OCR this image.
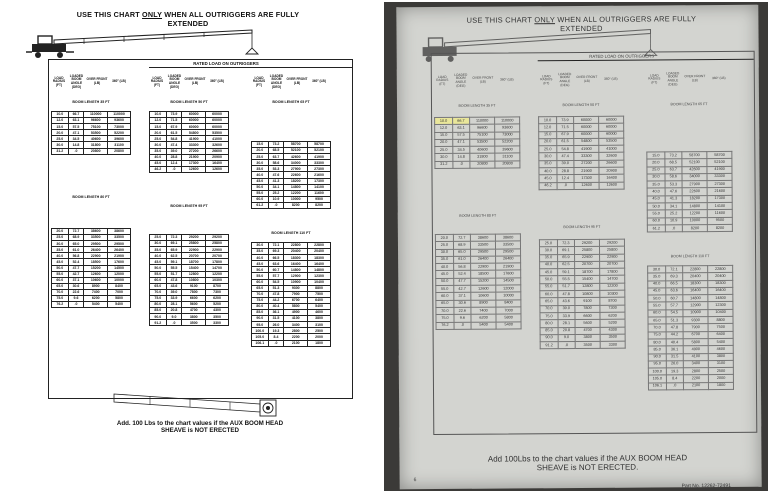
USE THIS CHART ONLY WHEN ALL OUTRIGGERS ARE FULLY EXTENDED
RATED LOAD ON OUTRIGGERS
LOAD RADIUS (FT)
LOADED BOOM ANGLE (DEG)
OVER FRONT (LB)	360° (LB)
LOAD RADIUS (FT)
LOADED BOOM ANGLE (DEG)
OVER FRONT (LB)	360° (LB)
LOAD RADIUS (FT)
LOADED BOOM ANGLE (DEG)
OVER FRONT (LB)	360° (LB)
BOOM LENGTH 35 FT	BOOM LENGTH 50 FT	BOOM LENGTH 65 FT
BOOM LENGTH 80 FT
BOOM LENGTH 95 FT
BOOM LENGTH 110 FT
10.0	66.7	110000	110000
12.0	63.1	96600	93600
15.0	57.5	75100	73000
20.0	47.1	53500	52200
25.0	34.5	40600	39600
30.0	14.8	31800	31100
31.2	.0	20800	20800
10.0	73.9	60000	60000
12.0	71.5	60000	60000
15.0	67.9	60000	60000
20.0	61.5	54800	53500
25.0	54.8	41900	41000
30.0	47.4	33300	32600
35.0	39.0	27200	26600
40.0	28.8	21900	20900
45.0	12.4	17300	16400
46.2	.0	12600	12600
15.0	73.2	58700	58700
20.0	68.5	52100	52100
25.0	63.7	42600	41900
30.0	58.6	34000	33300
35.0	53.3	27900	27300
40.0	47.6	22600	21600
45.0	41.3	18200	17300
50.0	34.1	14800	14100
55.0	25.2	12200	11600
60.0	10.9	10000	9500
61.2	.0	8200	8200
20.0	72.7	38600	38600
25.0	68.9	33500	33500
30.0	65.0	29500	29500
35.0	61.0	26400	26400
40.0	56.8	22900	21900
45.0	52.4	18500	17600
50.0	47.7	15200	14500
55.0	42.7	12600	12000
60.0	37.1	10600	10000
65.0	30.6	8900	8400
70.0	22.6	7400	7000
75.0	9.6	6200	5800
76.2	.0	5400	5400
25.0	72.3	29200	29200
30.0	69.1	25800	25800
35.0	65.9	22900	22900
40.0	62.5	20700	20700
45.0	59.1	18700	17800
50.0	55.5	15400	14700
55.0	51.7	12800	12200
60.0	47.8	10800	10300
65.0	43.6	9100	8700
70.0	39.0	7800	7300
75.0	33.9	6600	6200
80.0	28.1	5600	5200
85.0	20.8	4700	4300
90.0	9.0	3800	3500
91.2	.0	3500	3300
30.0	72.1	22800	22800
35.0	69.3	20400	20400
40.0	66.5	18300	18300
45.0	63.6	16400	16400
50.0	60.7	14800	14800
55.0	57.7	12900	12300
60.0	54.5	10900	10400
65.0	51.3	9300	8800
70.0	47.8	7900	7500
75.0	44.2	6700	6400
80.0	40.4	5800	5400
85.0	36.1	4900	4600
90.0	31.5	4100	3800
95.0	26.0	3400	3100
100.0	19.3	2800	2500
105.0	8.4	2200	2000
106.1	.0	2100	1800
Add. 100 Lbs to the chart values if the AUX BOOM HEAD SHEAVE is NOT ERECTED
USE THIS CHART ONLY WHEN ALL OUTRIGGERS ARE FULLY EXTENDED
RATED LOAD ON OUTRIGGERS
LOAD RADIUS (FT)
LOADED BOOM ANGLE (DEG)
OVER FRONT (LB)	360° (LB)
LOAD RADIUS (FT)
LOADED BOOM ANGLE (DEG)
OVER FRONT (LB)	360° (LB)
LOAD RADIUS (FT)
LOADED BOOM ANGLE (DEG)
OVER FRONT (LB)	360° (LB)
BOOM LENGTH 35 FT	BOOM LENGTH 50 FT	BOOM LENGTH 65 FT
BOOM LENGTH 80 FT
BOOM LENGTH 95 FT
BOOM LENGTH 110 FT
10.0	66.7	110000	110000
12.0	63.1	96600	93600
15.0	57.5	75100	73000
20.0	47.1	53500	52200
25.0	34.5	40600	39600
30.0	14.8	31800	31100
31.2	.0	20800	20800
10.0	73.9	60000	60000
12.0	71.5	60000	60000
15.0	67.9	60000	60000
20.0	61.5	54800	53500
25.0	54.8	41900	41000
30.0	47.4	33300	32600
35.0	39.0	27200	26600
40.0	28.8	21900	20900
45.0	12.4	17300	16400
46.2	.0	12600	12600
15.0	73.2	58700	58700
20.0	68.5	52100	52100
25.0	63.7	42600	41900
30.0	58.6	34000	33300
35.0	53.3	27900	27300
40.0	47.6	22600	21600
45.0	41.3	18200	17300
50.0	34.1	14800	14100
55.0	25.2	12200	11600
60.0	10.9	10000	9500
61.2	.0	8200	8200
20.0	72.7	38600	38600
25.0	68.9	33500	33500
30.0	65.0	29500	29500
35.0	61.0	26400	26400
40.0	56.8	22900	21900
45.0	52.4	18500	17600
50.0	47.7	15200	14500
55.0	42.7	12600	12000
60.0	37.1	10600	10000
65.0	30.6	8900	8400
70.0	22.6	7400	7000
75.0	9.6	6200	5800
76.2	.0	5400	5400
25.0	72.3	29200	29200
30.0	69.1	25800	25800
35.0	65.9	22900	22900
40.0	62.5	20700	20700
45.0	59.1	18700	17800
50.0	55.5	15400	14700
55.0	51.7	12800	12200
60.0	47.8	10800	10300
65.0	43.6	9100	8700
70.0	39.0	7800	7300
75.0	33.9	6600	6200
80.0	28.1	5600	5200
85.0	20.8	4700	4300
90.0	9.0	3800	3500
91.2	.0	3500	3300
30.0	72.1	22800	22800
35.0	69.3	20400	20400
40.0	66.5	18300	18300
45.0	63.6	16400	16400
50.0	60.7	14800	14800
55.0	57.7	12900	12300
60.0	54.5	10900	10400
65.0	51.3	9300	8800
70.0	47.8	7900	7500
75.0	44.2	6700	6400
80.0	40.4	5800	5400
85.0	36.1	4900	4600
90.0	31.5	4100	3800
95.0	26.0	3400	3100
100.0	19.3	2800	2500
105.0	8.4	2200	2000
106.1	.0	2100	1800
Add 100Lbs to the chart values if the AUX BOOM HEAD SHEAVE is NOT ERECTED.
6
Part No. 12262-72491
